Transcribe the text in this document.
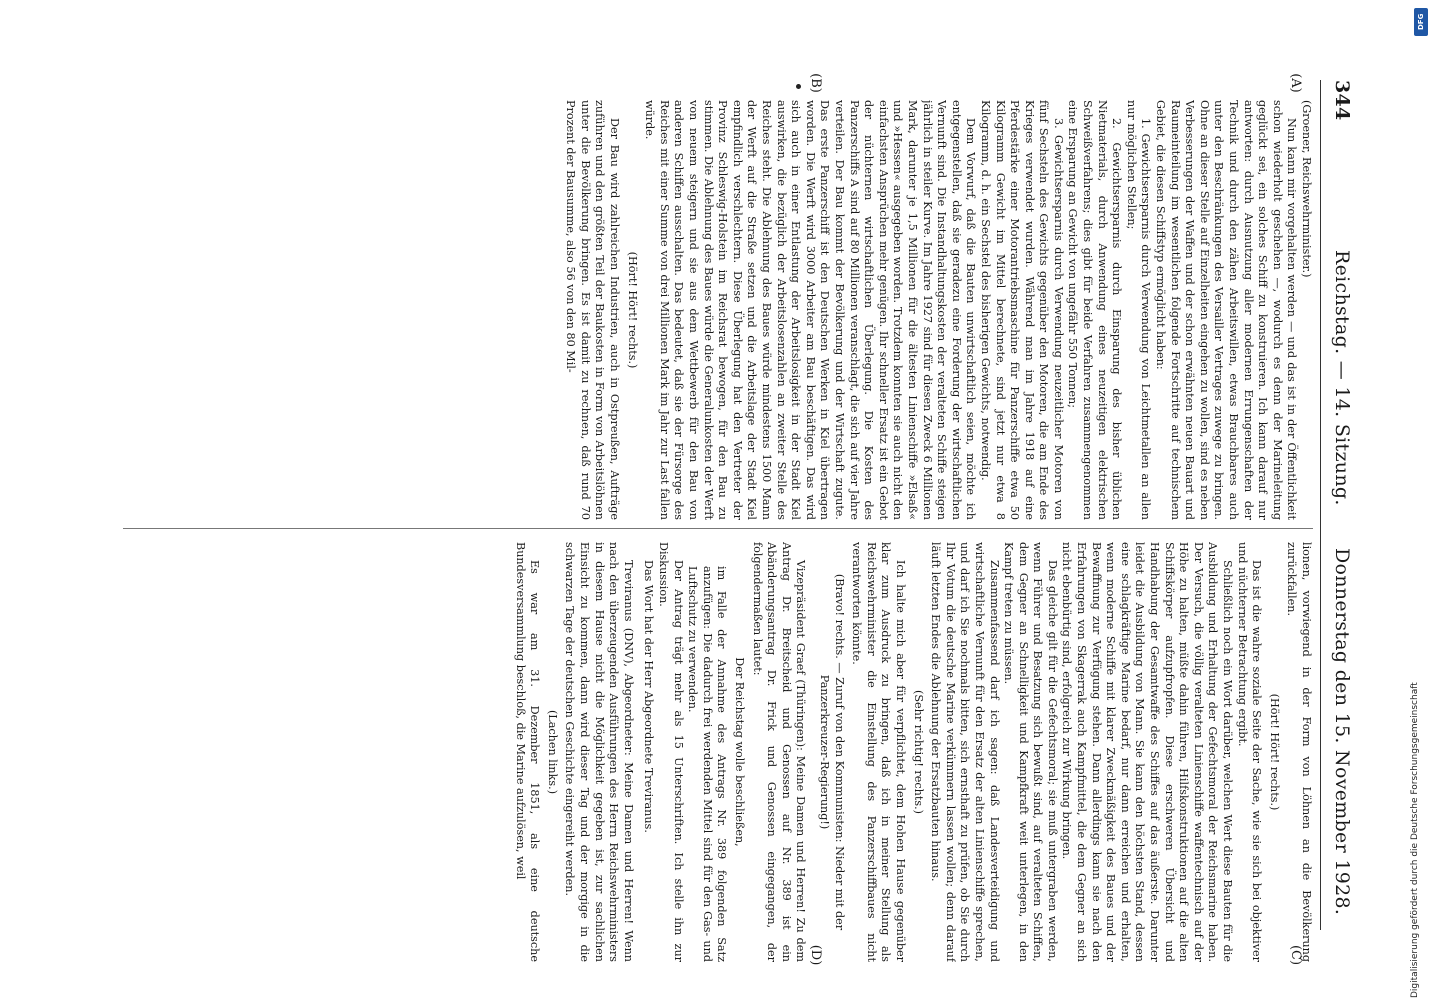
344
Reichstag. — 14. Sitzung.
Donnerstag den 15. November 1928.
(A)
(B)
(C)
(D)

(Groener, Reichswehrminister.)

Nun kann mir vorgehalten werden — und das ist in der Öffentlichkeit schon wiederholt geschehen —, wodurch es denn der Marineleitung geglückt sei, ein solches Schiff zu konstruieren. Ich kann darauf nur antworten: durch Ausnutzung aller modernen Errungenschaften der Technik und durch den zähen Arbeitswillen, etwas Brauchbares auch unter den Beschränkungen des Versailler Vertrages zuwege zu bringen. Ohne an dieser Stelle auf Einzelheiten eingehen zu wollen, sind es neben Verbesserungen der Waffen und der schon erwähnten neuen Bauart und Raumeinteilung im wesentlichen folgende Fortschritte auf technischem Gebiet, die diesen Schiffstyp ermöglicht haben:

1. Gewichtsersparnis durch Verwendung von Leichtmetallen an allen nur möglichen Stellen;

2. Gewichtsersparnis durch Einsparung des bisher üblichen Nietmaterials, durch Anwendung eines neuzeitigen elektrischen Schweißverfahrens; dies gibt für beide Verfahren zusammengenommen eine Ersparung an Gewicht von ungefähr 550 Tonnen;

3. Gewichtsersparnis durch Verwendung neuzeitlicher Motoren von fünf Sechsteln des Gewichts gegenüber den Motoren, die am Ende des Krieges verwendet wurden. Während man im Jahre 1918 auf eine Pferdestärke einer Motorantriebsmaschine für Panzerschiffe etwa 50 Kilogramm Gewicht im Mittel berechnete, sind jetzt nur etwa 8 Kilogramm, d. h. ein Sechstel des bisherigen Gewichts, notwendig.

Dem Vorwurf, daß die Bauten unwirtschaftlich seien, möchte ich entgegenstellen, daß sie geradezu eine Forderung der wirtschaftlichen Vernunft sind. Die Instandhaltungskosten der veralteten Schiffe steigen jährlich in steiler Kurve. Im Jahre 1927 sind für diesen Zweck 6 Millionen Mark, darunter je 1,5 Millionen für die ältesten Linienschiffe »Elsaß« und »Hessen« ausgegeben worden. Trotzdem konnten sie auch nicht den einfachsten Ansprüchen mehr genügen. Ihr schneller Ersatz ist ein Gebot der nüchternen wirtschaftlichen Überlegung. Die Kosten des Panzerschiffs A sind auf 80 Millionen veranschlagt, die sich auf vier Jahre verteilen. Der Bau kommt der Bevölkerung und der Wirtschaft zugute. Das erste Panzerschiff ist den Deutschen Werken in Kiel übertragen worden. Die Werft wird 3000 Arbeiter am Bau beschäftigen. Das wird sich auch in einer Entlastung der Arbeitslosigkeit in der Stadt Kiel auswirken, die bezüglich der Arbeitslosenzahlen an zweiter Stelle des Reiches steht. Die Ablehnung des Baues würde mindestens 1500 Mann der Werft auf die Straße setzen und die Arbeitslage der Stadt Kiel empfindlich verschlechtern. Diese Überlegung hat den Vertreter der Provinz Schleswig-Holstein im Reichsrat bewogen, für den Bau zu stimmen. Die Ablehnung des Baues würde die Generalunkosten der Werft von neuem steigern und sie aus dem Wettbewerb für den Bau von anderen Schiffen ausschalten. Das bedeutet, daß sie der Fürsorge des Reiches mit einer Summe von drei Millionen Mark im Jahr zur Last fallen würde.

(Hört! Hört! rechts.)

Der Bau wird zahlreichen Industrien, auch in Ostpreußen, Aufträge zuführen und den größten Teil der Baukosten in Form von Arbeitslöhnen unter die Bevölkerung bringen. Es ist damit zu rechnen, daß rund 70 Prozent der Bausumme, also 56 von den 80 Mil-

lionen, vorwiegend in der Form von Löhnen an die Bevölkerung zurückfallen.

(Hört! Hört! rechts.)

Das ist die wahre soziale Seite der Sache, wie sie sich bei objektiver und nüchterner Betrachtung ergibt.

Schließlich noch ein Wort darüber, welchen Wert diese Bauten für die Ausbildung und Erhaltung der Gefechtsmoral der Reichsmarine haben. Der Versuch, die völlig veralteten Linienschiffe waffentechnisch auf der Höhe zu halten, müßte dahin führen, Hilfskonstruktionen auf die alten Schiffskörper aufzupfropfen. Diese erschweren Übersicht und Handhabung der Gesamtwaffe des Schiffes auf das äußerste. Darunter leidet die Ausbildung von Mann. Sie kann den höchsten Stand, dessen eine schlagkräftige Marine bedarf, nur dann erreichen und erhalten, wenn moderne Schiffe mit klarer Zweckmäßigkeit des Baues und der Bewaffnung zur Verfügung stehen. Dann allerdings kann sie nach den Erfahrungen von Skagerrak auch Kampfmittel, die dem Gegner an sich nicht ebenbürtig sind, erfolgreich zur Wirkung bringen.

Das gleiche gilt für die Gefechtsmoral; sie muß untergraben werden, wenn Führer und Besatzung sich bewußt sind, auf veralteten Schiffen, dem Gegner an Schnelligkeit und Kampfkraft weit unterlegen, in den Kampf treten zu müssen.

Zusammenfassend darf ich sagen: daß Landesverteidigung und wirtschaftliche Vernunft für den Ersatz der alten Linienschiffe sprechen, und darf ich Sie nochmals bitten, sich ernsthaft zu prüfen, ob Sie durch Ihr Votum die deutsche Marine verkümmern lassen wollen; denn darauf läuft letzten Endes die Ablehnung der Ersatzbauten hinaus.

(Sehr richtig! rechts.)

Ich halte mich aber für verpflichtet, dem Hohen Hause gegenüber klar zum Ausdruck zu bringen, daß ich in meiner Stellung als Reichswehrminister die Einstellung des Panzerschiffbaues nicht verantworten könnte.

(Bravo! rechts. — Zuruf von den Kommunisten: Nieder mit der Panzerkreuzer-Regierung!)

Vizepräsident Graef (Thüringen): Meine Damen und Herren! Zu dem Antrag Dr. Breitscheid und Genossen auf Nr. 389 ist ein Abänderungsantrag Dr. Frick und Genossen eingegangen, der folgendermaßen lautet:

Der Reichstag wolle beschließen,

im Falle der Annahme des Antrags Nr. 389 folgenden Satz anzufügen: Die dadurch frei werdenden Mittel sind für den Gas- und Luftschutz zu verwenden.

Der Antrag trägt mehr als 15 Unterschriften. Ich stelle ihn zur Diskussion.

Das Wort hat der Herr Abgeordnete Treviranus.

Treviranus (DNV), Abgeordneter: Meine Damen und Herren! Wenn nach den überzeugenden Ausführungen des Herrn Reichswehrministers in diesem Hause nicht die Möglichkeit gegeben ist, zur sachlichen Einsicht zu kommen, dann wird dieser Tag und der morgige in die schwarzen Tage der deutschen Geschichte eingereiht werden.

(Lachen links.)

Es war am 31. Dezember 1851, als eine deutsche Bundesversammlung beschloß, die Marine aufzulösen, weil	Digitalisierung gefördert durch die Deutsche Forschungsgemeinschaft
DFG
